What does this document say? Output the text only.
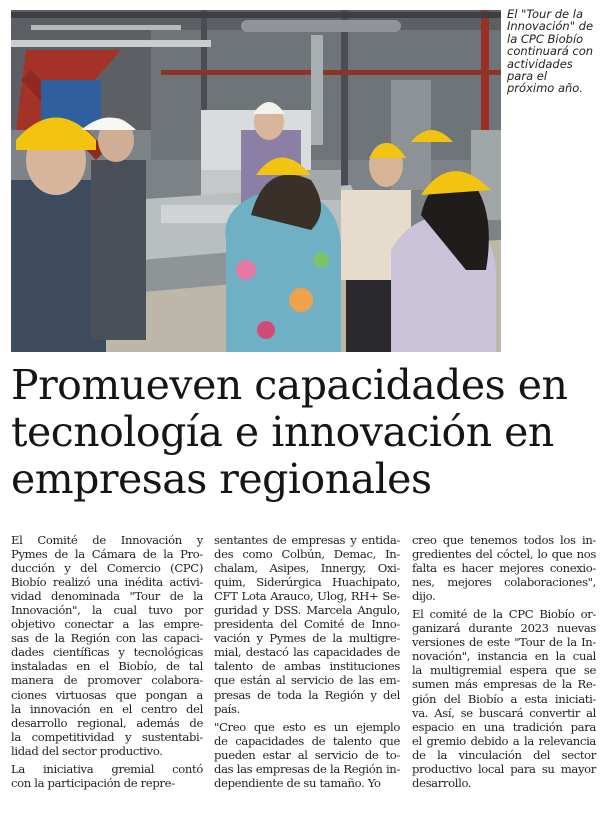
El "Tour de la
Innovación" de
la CPC Biobío
continuará con
actividades
para el
próximo año.
Promueven capacidades en
tecnología e innovación en
empresas regionales
El Comité de Innovación y
Pymes de la Cámara de la Pro-
ducción y del Comercio (CPC)
Biobío realizó una inédita activi-
vidad denominada "Tour de la
Innovación", la cual tuvo por
objetivo conectar a las empre-
sas de la Región con las capaci-
dades científicas y tecnológicas
instaladas en el Biobío, de tal
manera de promover colabora-
ciones virtuosas que pongan a
la innovación en el centro del
desarrollo regional, además de
la competitividad y sustentabi-
lidad del sector productivo.
La iniciativa gremial contó
con la participación de repre-
sentantes de empresas y entida-
des como Colbún, Demac, In-
chalam, Asipes, Innergy, Oxi-
quim, Siderúrgica Huachipato,
CFT Lota Arauco, Ulog, RH+ Se-
guridad y DSS. Marcela Angulo,
presidenta del Comité de Inno-
vación y Pymes de la multigre-
mial, destacó las capacidades de
talento de ambas instituciones
que están al servicio de las em-
presas de toda la Región y del
país.
"Creo que esto es un ejemplo
de capacidades de talento que
pueden estar al servicio de to-
das las empresas de la Región in-
dependiente de su tamaño. Yo
creo que tenemos todos los in-
gredientes del cóctel, lo que nos
falta es hacer mejores conexio-
nes, mejores colaboraciones",
dijo.
El comité de la CPC Biobío or-
ganizará durante 2023 nuevas
versiones de este "Tour de la In-
novación", instancia en la cual
la multigremial espera que se
sumen más empresas de la Re-
gión del Biobío a esta iniciati-
va. Así, se buscará convertir al
espacio en una tradición para
el gremio debido a la relevancia
de la vinculación del sector
productivo local para su mayor
desarrollo.
